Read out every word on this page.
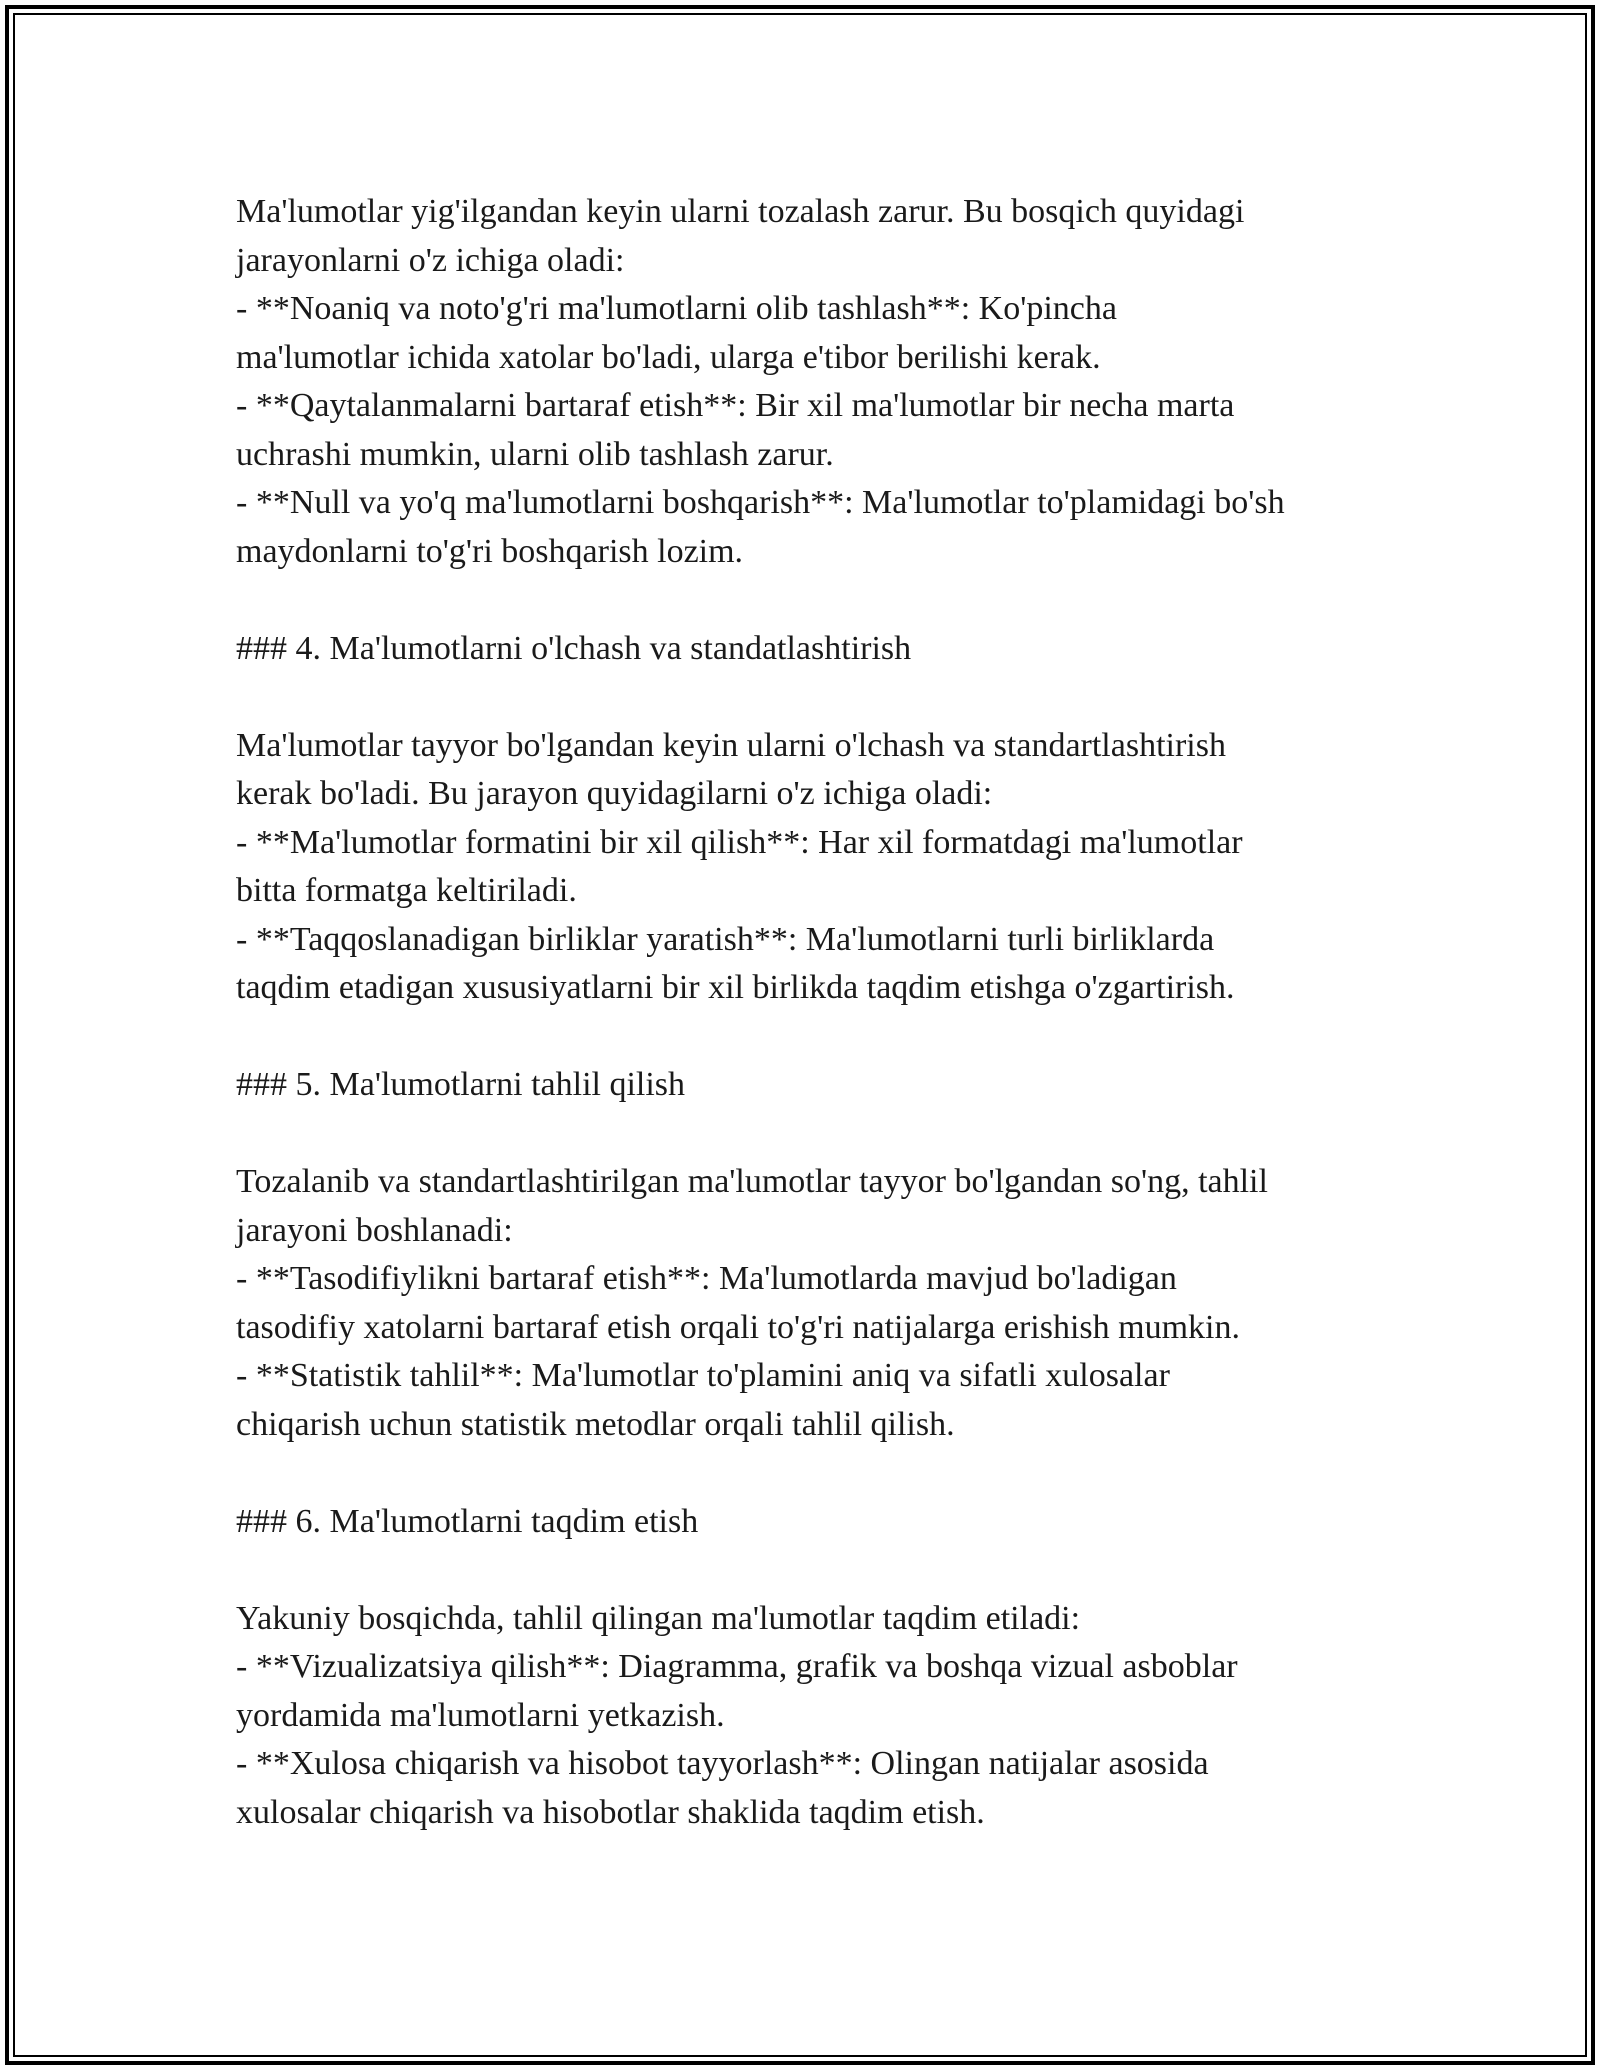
Ma'lumotlar yig'ilgandan keyin ularni tozalash zarur. Bu bosqich quyidagi
jarayonlarni o'z ichiga oladi:
- **Noaniq va noto'g'ri ma'lumotlarni olib tashlash**: Ko'pincha
ma'lumotlar ichida xatolar bo'ladi, ularga e'tibor berilishi kerak.
- **Qaytalanmalarni bartaraf etish**: Bir xil ma'lumotlar bir necha marta
uchrashi mumkin, ularni olib tashlash zarur.
- **Null va yo'q ma'lumotlarni boshqarish**: Ma'lumotlar to'plamidagi bo'sh
maydonlarni to'g'ri boshqarish lozim.
### 4. Ma'lumotlarni o'lchash va standatlashtirish
Ma'lumotlar tayyor bo'lgandan keyin ularni o'lchash va standartlashtirish
kerak bo'ladi. Bu jarayon quyidagilarni o'z ichiga oladi:
- **Ma'lumotlar formatini bir xil qilish**: Har xil formatdagi ma'lumotlar
bitta formatga keltiriladi.
- **Taqqoslanadigan birliklar yaratish**: Ma'lumotlarni turli birliklarda
taqdim etadigan xususiyatlarni bir xil birlikda taqdim etishga o'zgartirish.
### 5. Ma'lumotlarni tahlil qilish
Tozalanib va standartlashtirilgan ma'lumotlar tayyor bo'lgandan so'ng, tahlil
jarayoni boshlanadi:
- **Tasodifiylikni bartaraf etish**: Ma'lumotlarda mavjud bo'ladigan
tasodifiy xatolarni bartaraf etish orqali to'g'ri natijalarga erishish mumkin.
- **Statistik tahlil**: Ma'lumotlar to'plamini aniq va sifatli xulosalar
chiqarish uchun statistik metodlar orqali tahlil qilish.
### 6. Ma'lumotlarni taqdim etish
Yakuniy bosqichda, tahlil qilingan ma'lumotlar taqdim etiladi:
- **Vizualizatsiya qilish**: Diagramma, grafik va boshqa vizual asboblar
yordamida ma'lumotlarni yetkazish.
- **Xulosa chiqarish va hisobot tayyorlash**: Olingan natijalar asosida
xulosalar chiqarish va hisobotlar shaklida taqdim etish.
